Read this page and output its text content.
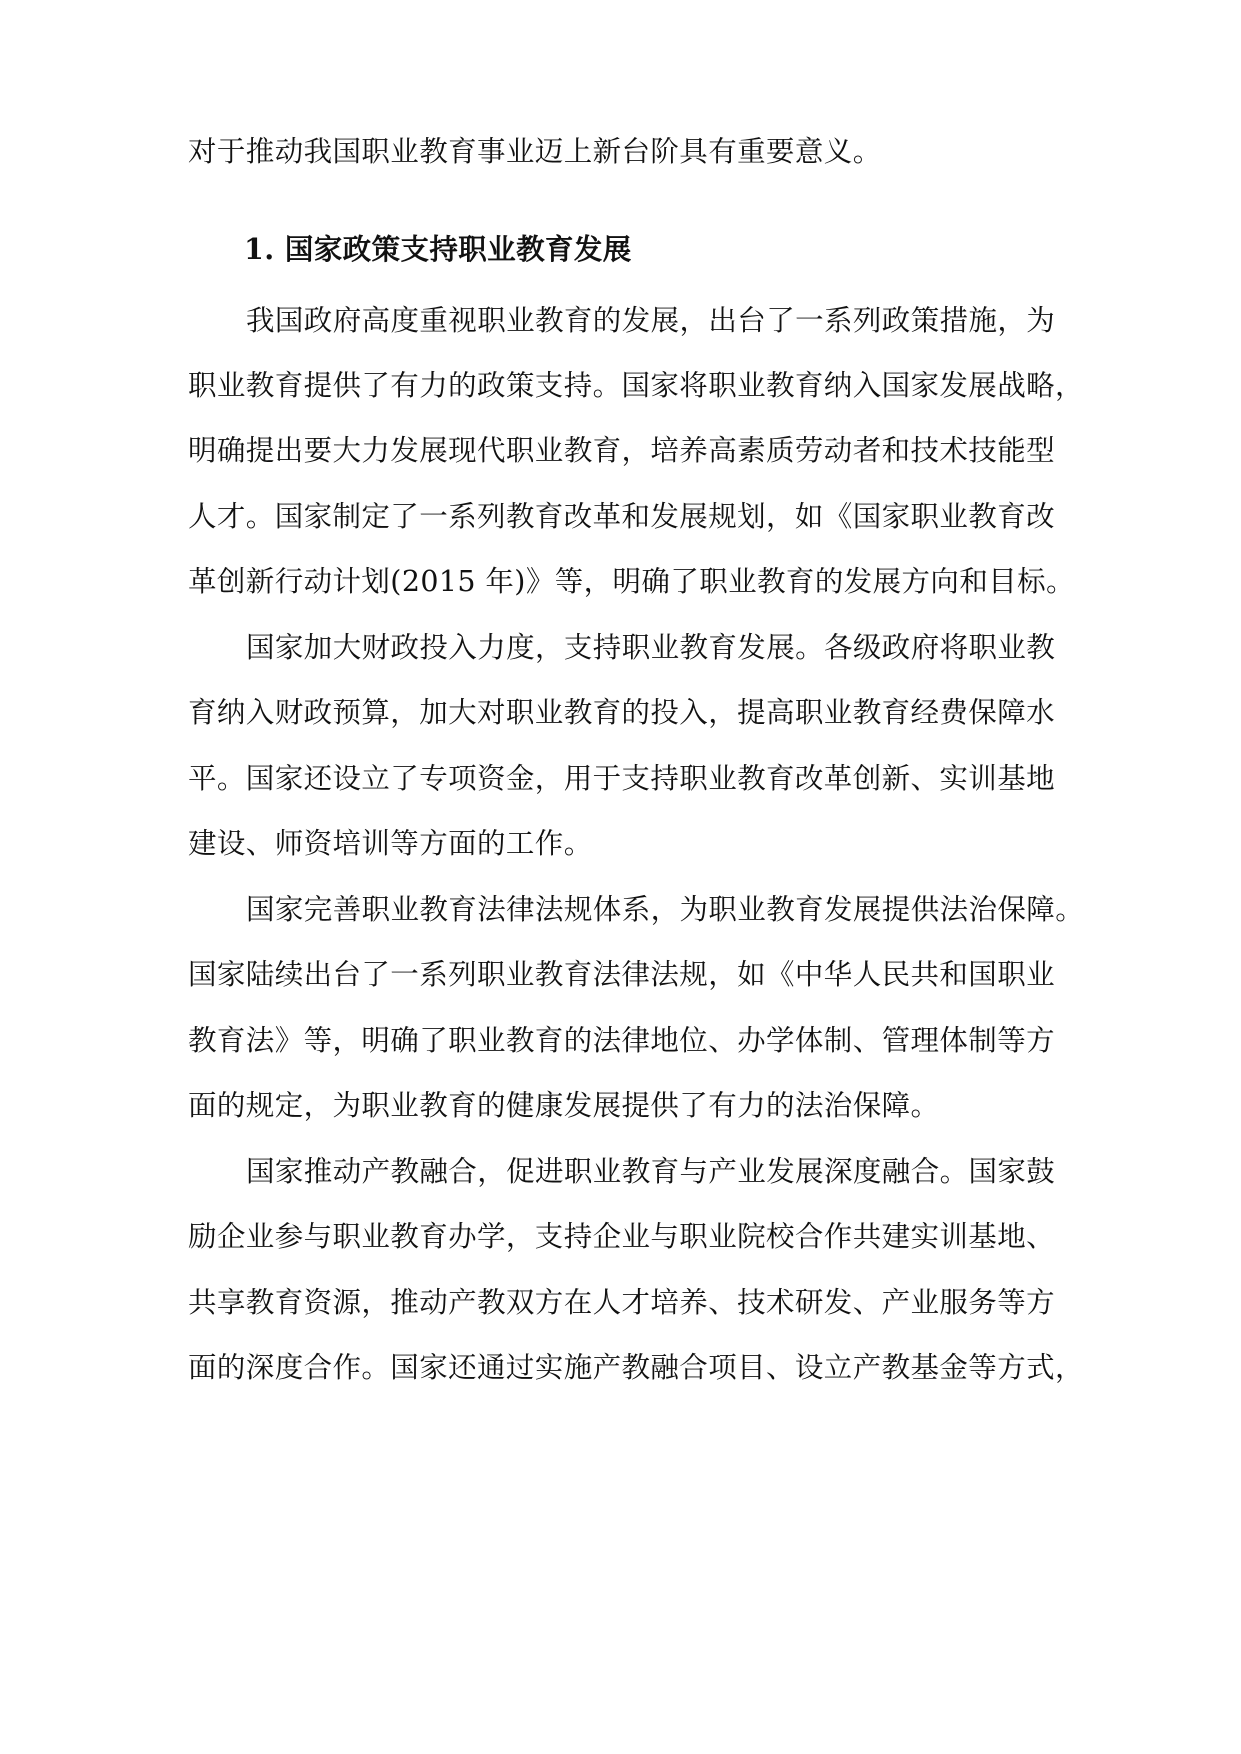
对于推动我国职业教育事业迈上新台阶具有重要意义。
1. 国家政策支持职业教育发展
我国政府高度重视职业教育的发展，出台了一系列政策措施，为
职业教育提供了有力的政策支持。国家将职业教育纳入国家发展战略，
明确提出要大力发展现代职业教育，培养高素质劳动者和技术技能型
人才。国家制定了一系列教育改革和发展规划，如《国家职业教育改
革创新行动计划(2015 年)》等，明确了职业教育的发展方向和目标。
国家加大财政投入力度，支持职业教育发展。各级政府将职业教
育纳入财政预算，加大对职业教育的投入，提高职业教育经费保障水
平。国家还设立了专项资金，用于支持职业教育改革创新、实训基地
建设、师资培训等方面的工作。
国家完善职业教育法律法规体系，为职业教育发展提供法治保障。
国家陆续出台了一系列职业教育法律法规，如《中华人民共和国职业
教育法》等，明确了职业教育的法律地位、办学体制、管理体制等方
面的规定，为职业教育的健康发展提供了有力的法治保障。
国家推动产教融合，促进职业教育与产业发展深度融合。国家鼓
励企业参与职业教育办学，支持企业与职业院校合作共建实训基地、
共享教育资源，推动产教双方在人才培养、技术研发、产业服务等方
面的深度合作。国家还通过实施产教融合项目、设立产教基金等方式，
